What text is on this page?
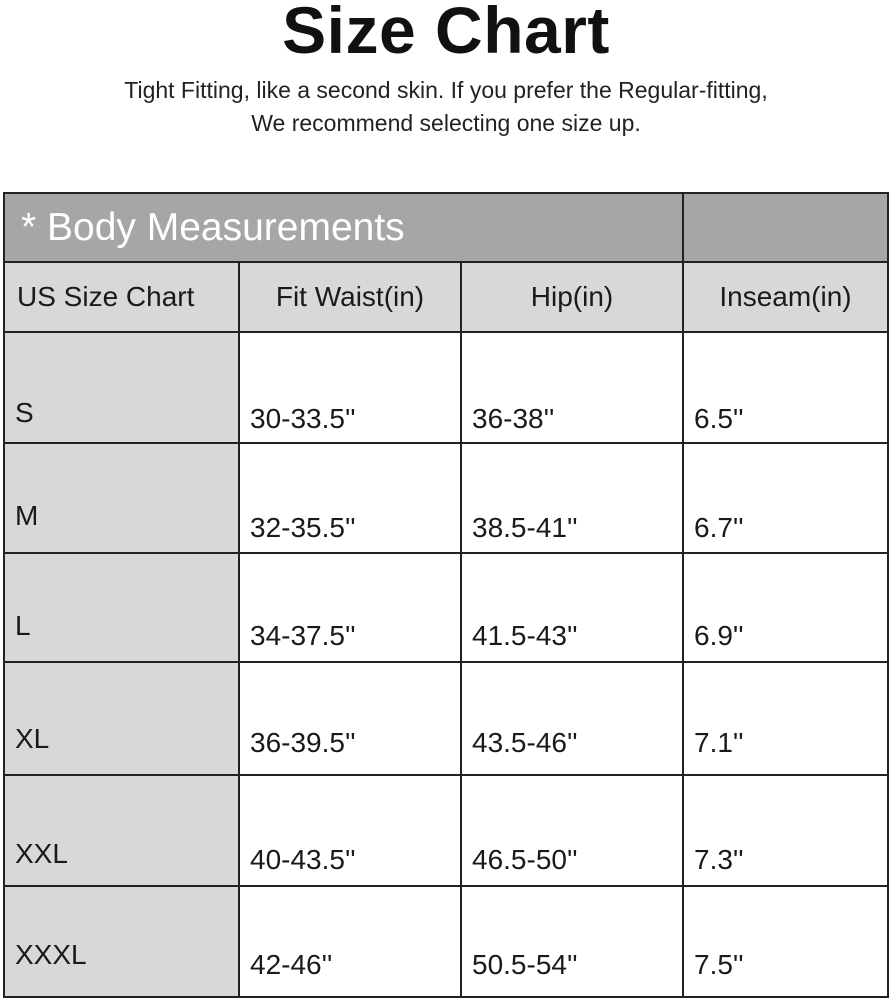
Size Chart
Tight Fitting, like a second skin. If you prefer the Regular-fitting,
We recommend selecting one size up.
* Body Measurements
US Size Chart	Fit Waist(in)	Hip(in)	Inseam(in)
S	30-33.5''	36-38''	6.5''
M	32-35.5''	38.5-41''	6.7''
L	34-37.5''	41.5-43''	6.9''
XL	36-39.5''	43.5-46''	7.1''
XXL	40-43.5''	46.5-50''	7.3''
XXXL	42-46''	50.5-54''	7.5''
